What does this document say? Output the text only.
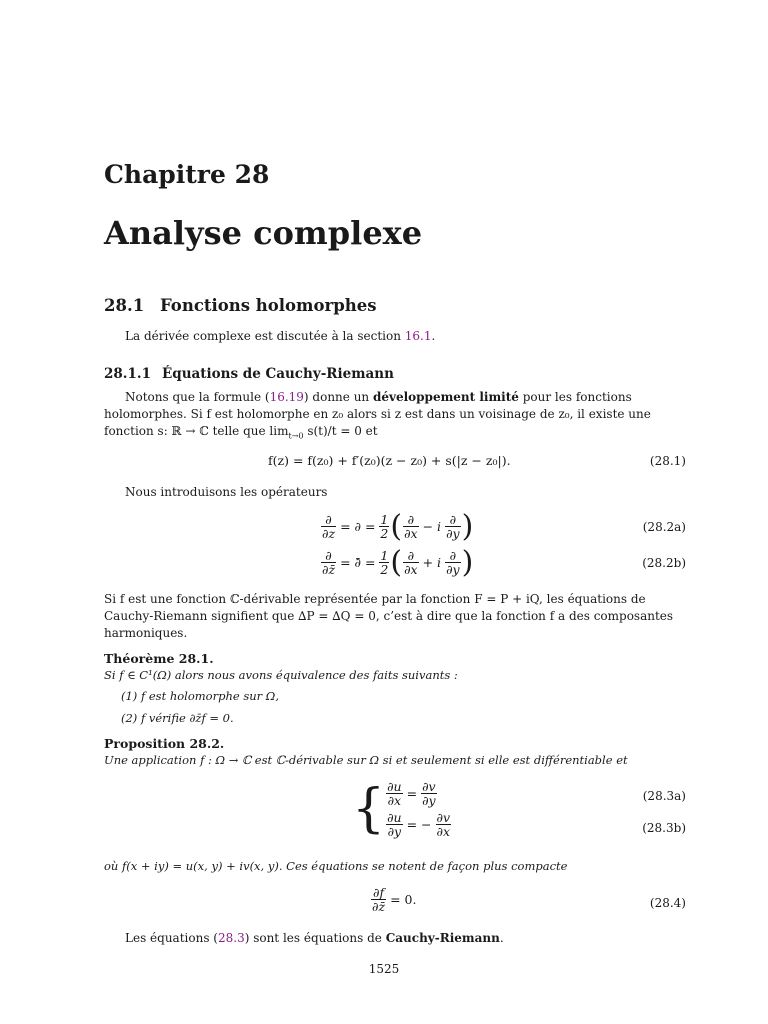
Chapitre 28
Analyse complexe
28.1 Fonctions holomorphes
La dérivée complexe est discutée à la section 16.1.
28.1.1 Équations de Cauchy-Riemann
Notons que la formule (16.19) donne un développement limité pour les fonctions holomorphes. Si f est holomorphe en z₀ alors si z est dans un voisinage de z₀, il existe une fonction s: ℝ → ℂ telle que $\lim_{t\to 0} s(t)/t = 0$ et
f(z) = f(z₀) + f′(z₀)(z − z₀) + s(|z − z₀|).	(28.1)
Nous introduisons les opérateurs
$\frac{\partial}{\partial z}$ = ∂ = $\frac{1}{2}$ ( $\frac{\partial}{\partial x} - i \frac{\partial}{\partial y}$ )	(28.2a)
$\frac{\partial}{\partial z̄}$ = ∂̄ = $\frac{1}{2}$ ( $\frac{\partial}{\partial x} + i \frac{\partial}{\partial y}$ )	(28.2b)
Si f est une fonction ℂ-dérivable représentée par la fonction F = P + iQ, les équations de Cauchy-Riemann signifient que ∆P = ∆Q = 0, c’est à dire que la fonction f a des composantes harmoniques.
Théorème 28.1.
Si f ∈ C¹(Ω) alors nous avons équivalence des faits suivants :
(1) f est holomorphe sur Ω,
(2) f vérifie ∂z̄f = 0.
Proposition 28.2.
Une application f : Ω → ℂ est ℂ-dérivable sur Ω si et seulement si elle est différentiable et
{ $\frac{\partial u}{\partial x} = \frac{\partial v}{\partial y}$
$\frac{\partial u}{\partial y}$ = − $\frac{\partial v}{\partial x}$
(28.3a)
(28.3b)
où f(x + iy) = u(x, y) + iv(x, y). Ces équations se notent de façon plus compacte
$\frac{\partial f}{\partial z̄} = 0$.	(28.4)
Les équations (28.3) sont les équations de Cauchy-Riemann.
1525
